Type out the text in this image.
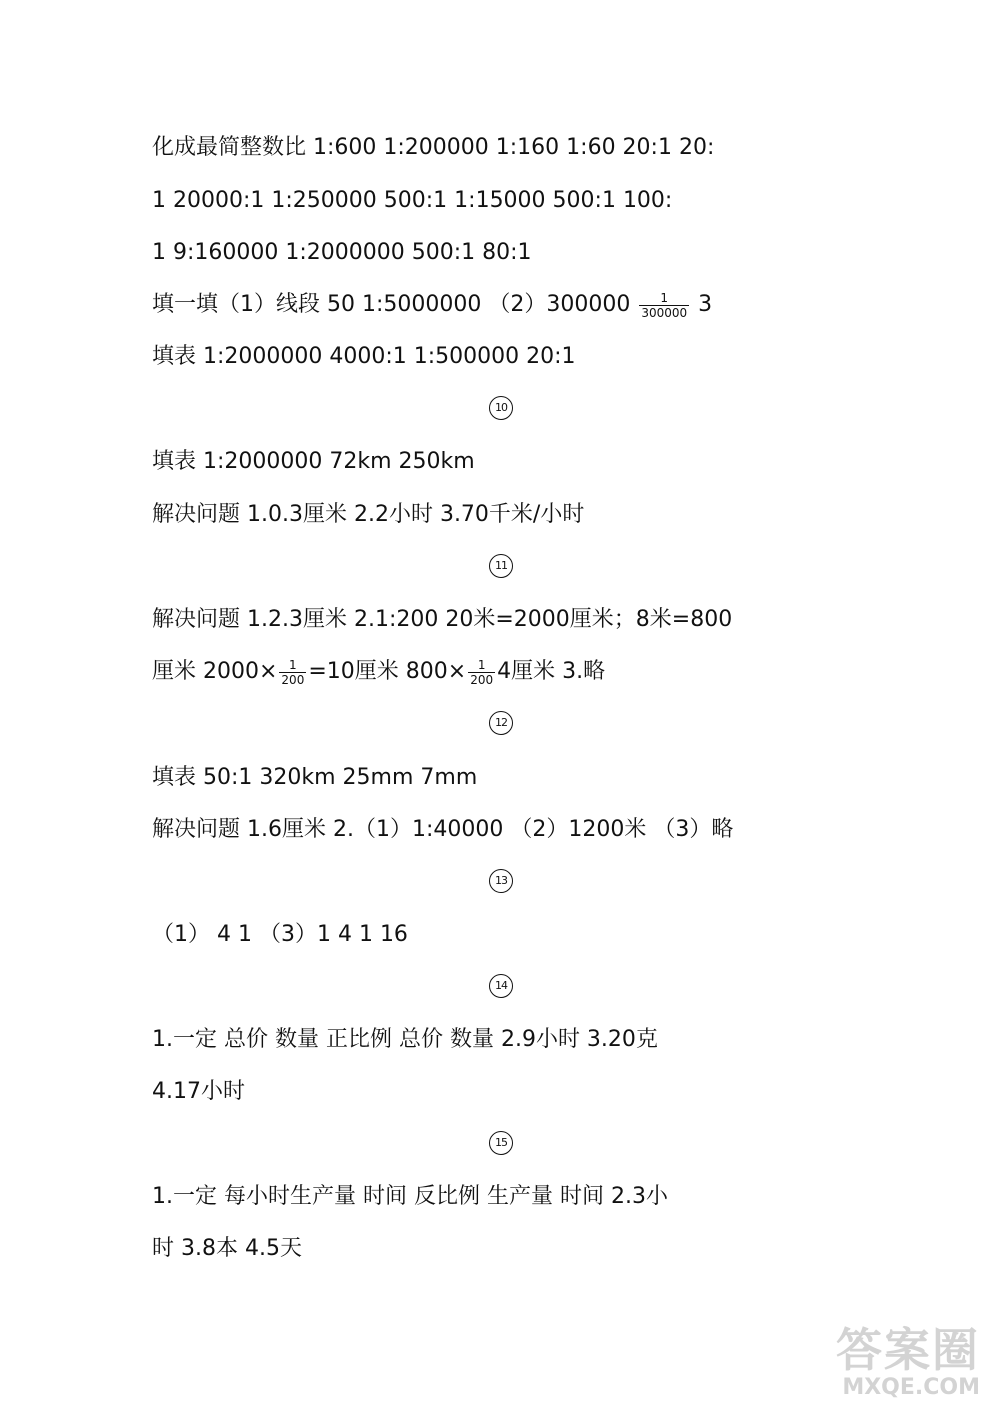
化成最简整数比 1:600 1:200000 1:160 1:60 20:1 20:
1 20000:1 1:250000 500:1 1:15000 500:1 100:
1 9:160000 1:2000000 500:1 80:1
填一填（1）线段 50 1:5000000 $(2)300000 \frac{1}{300000} 3$
填表 1:2000000 4000:1 1:500000 20:1
10
填表 1:2000000 72km 250km
解决问题 1.0.3厘米 2.2小时 3.70千米/小时
11
解决问题 1.2.3厘米 2.1:200 20米=2000厘米；8米=800
厘米 $2000\times \frac{1}{200} =10$厘米 $800\times \frac{1}{200} 4$厘米 3.略
12
填表 50:1 320km 25mm 7mm
解决问题 1.6厘米 2.（1）1:40000 （2）1200米 （3）略
13
（1） 4 1 （3）1 4 1 16
14
1.一定 总价 数量 正比例 总价 数量 2.9小时 3.20克
4.17小时
15
1.一定 每小时生产量 时间 反比例 生产量 时间 2.3小
时 3.8本 4.5天
答案圈
MXQE.COM
